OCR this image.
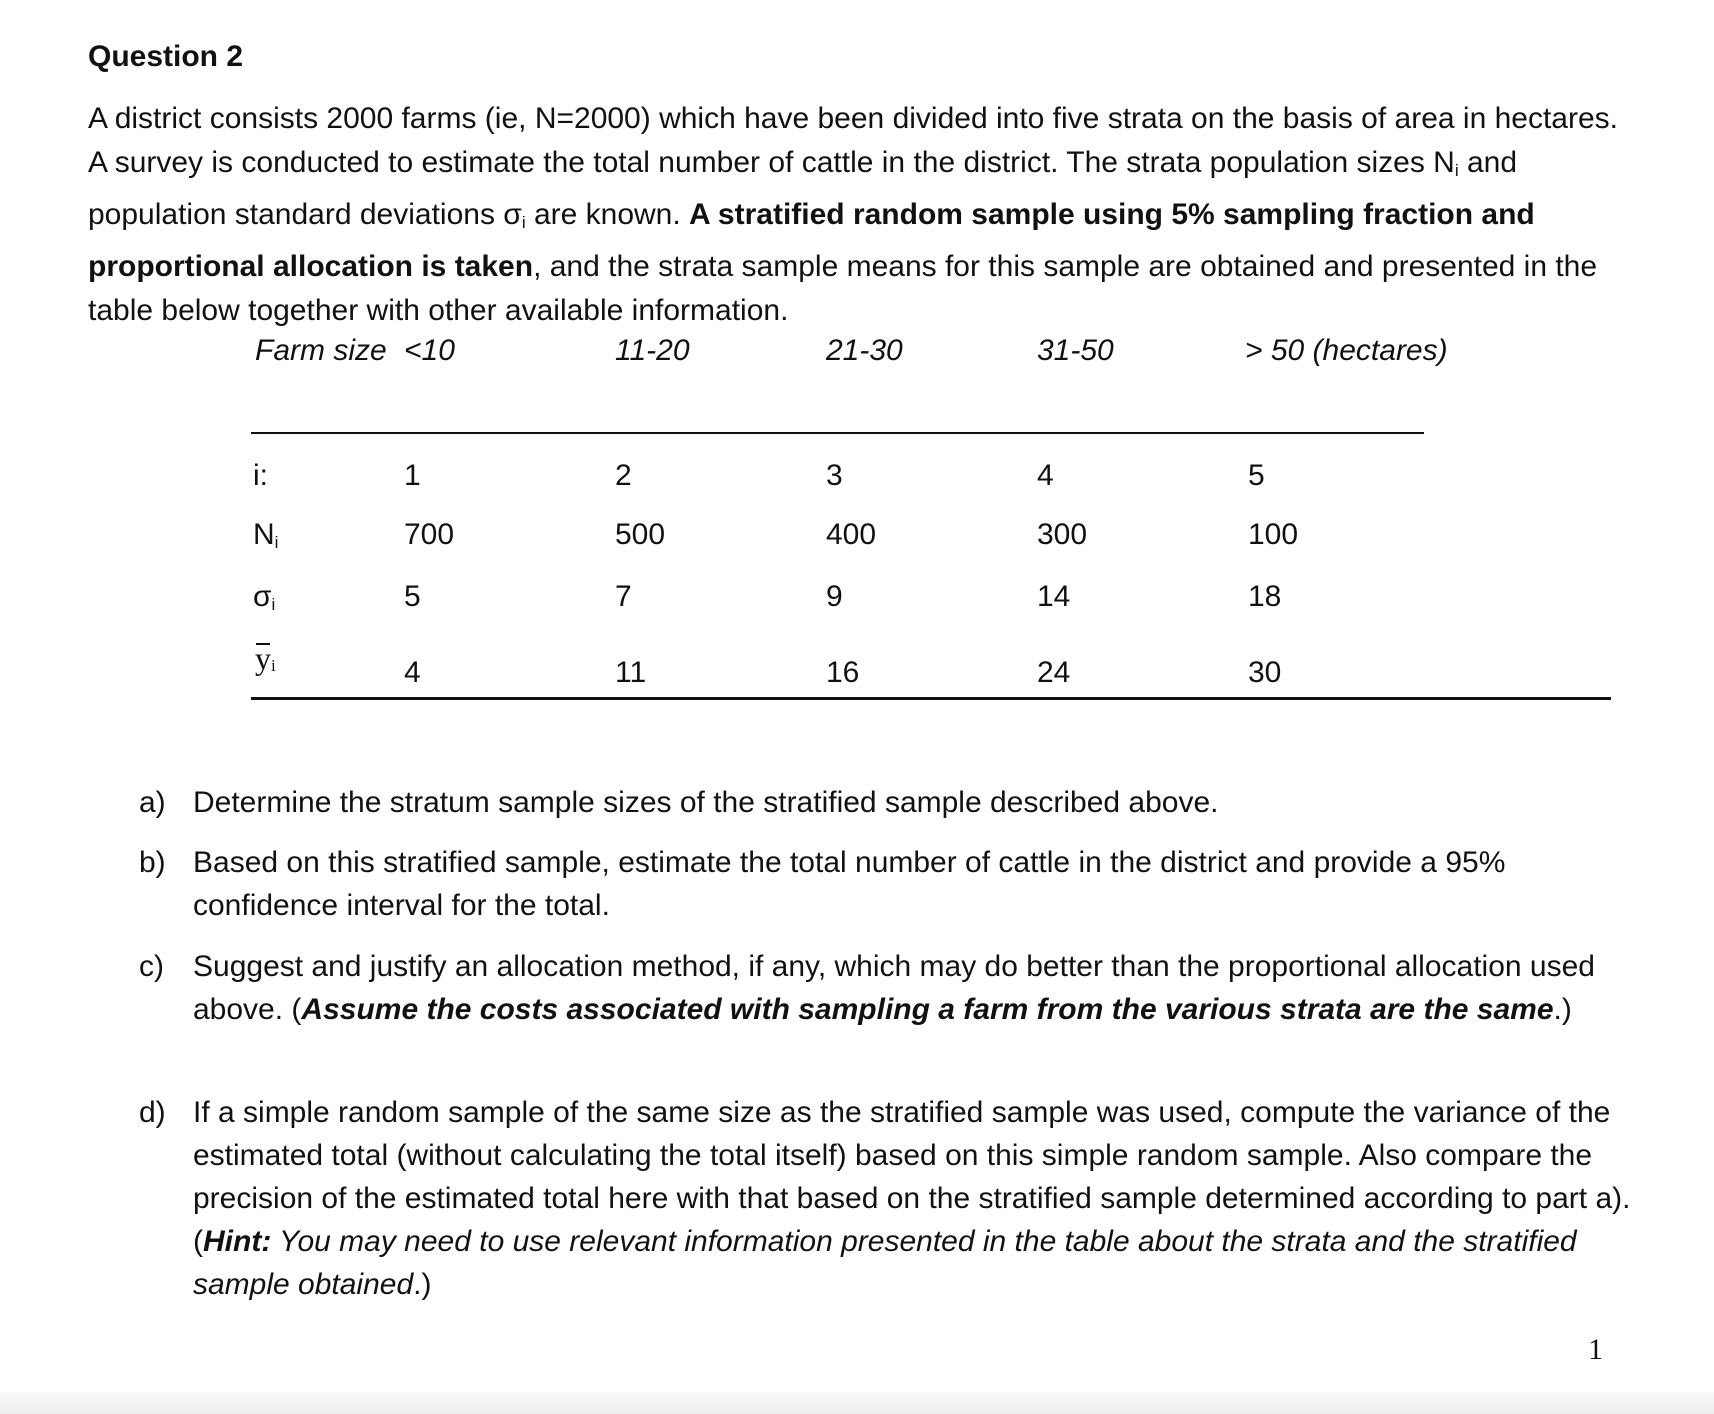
Question 2
A district consists 2000 farms (ie, N=2000) which have been divided into five strata on the basis of area in hectares. A survey is conducted to estimate the total number of cattle in the district. The strata population sizes $N_i$ and population standard deviations $\sigma_i$ are known. A stratified random sample using 5% sampling fraction and proportional allocation is taken, and the strata sample means for this sample are obtained and presented in the table below together with other available information.
Farm size <10	11-20	21-30	31-50	> 50 (hectares)
i:	1	2	3	4	5
$N_i$	700	500	400	300	100
$\sigma_i$	5	7	9	14	18
yi	4	11	16	24	30
a) Determine the stratum sample sizes of the stratified sample described above.
b) Based on this stratified sample, estimate the total number of cattle in the district and provide a 95% confidence interval for the total.
c) Suggest and justify an allocation method, if any, which may do better than the proportional allocation used above. (Assume the costs associated with sampling a farm from the various strata are the same.)
d) If a simple random sample of the same size as the stratified sample was used, compute the variance of the estimated total (without calculating the total itself) based on this simple random sample. Also compare the precision of the estimated total here with that based on the stratified sample determined according to part a). (Hint: You may need to use relevant information presented in the table about the strata and the stratified sample obtained.)
1
